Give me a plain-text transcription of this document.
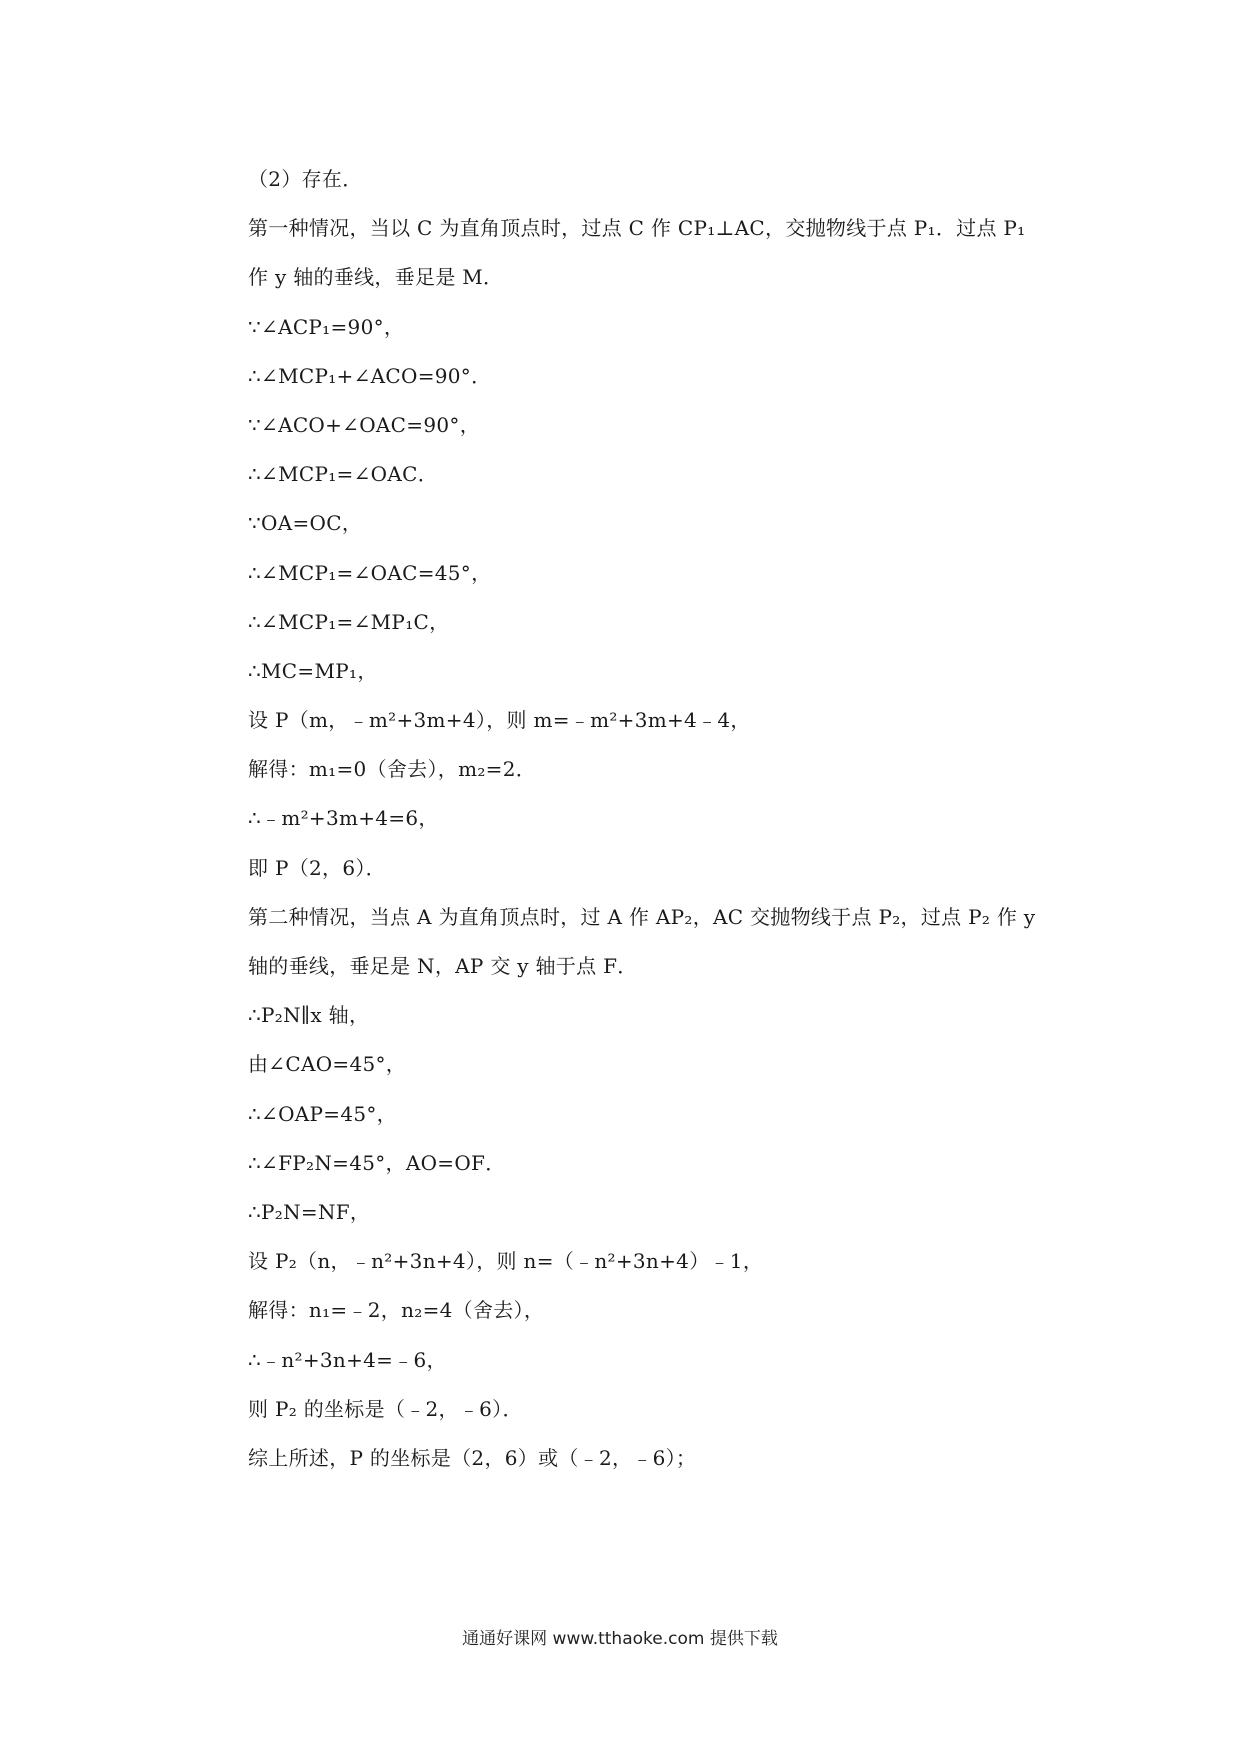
（2）存在．
第一种情况，当以 C 为直角顶点时，过点 C 作 CP₁⊥AC，交抛物线于点 P₁．过点 P₁
作 y 轴的垂线，垂足是 M．
∵∠ACP₁=90°，
∴∠MCP₁+∠ACO=90°．
∵∠ACO+∠OAC=90°，
∴∠MCP₁=∠OAC．
∵OA=OC，
∴∠MCP₁=∠OAC=45°，
∴∠MCP₁=∠MP₁C，
∴MC=MP₁，
设 P（m，﹣m²+3m+4），则 m=﹣m²+3m+4﹣4，
解得：m₁=0（舍去），m₂=2．
∴﹣m²+3m+4=6，
即 P（2，6）．
第二种情况，当点 A 为直角顶点时，过 A 作 AP₂，AC 交抛物线于点 P₂，过点 P₂ 作 y
轴的垂线，垂足是 N，AP 交 y 轴于点 F．
∴P₂N∥x 轴，
由∠CAO=45°，
∴∠OAP=45°，
∴∠FP₂N=45°，AO=OF．
∴P₂N=NF，
设 P₂（n，﹣n²+3n+4），则 n=（﹣n²+3n+4）﹣1，
解得：n₁=﹣2，n₂=4（舍去），
∴﹣n²+3n+4=﹣6，
则 P₂ 的坐标是（﹣2，﹣6）．
综上所述，P 的坐标是（2，6）或（﹣2，﹣6）；
通通好课网 www.tthaoke.com 提供下载
